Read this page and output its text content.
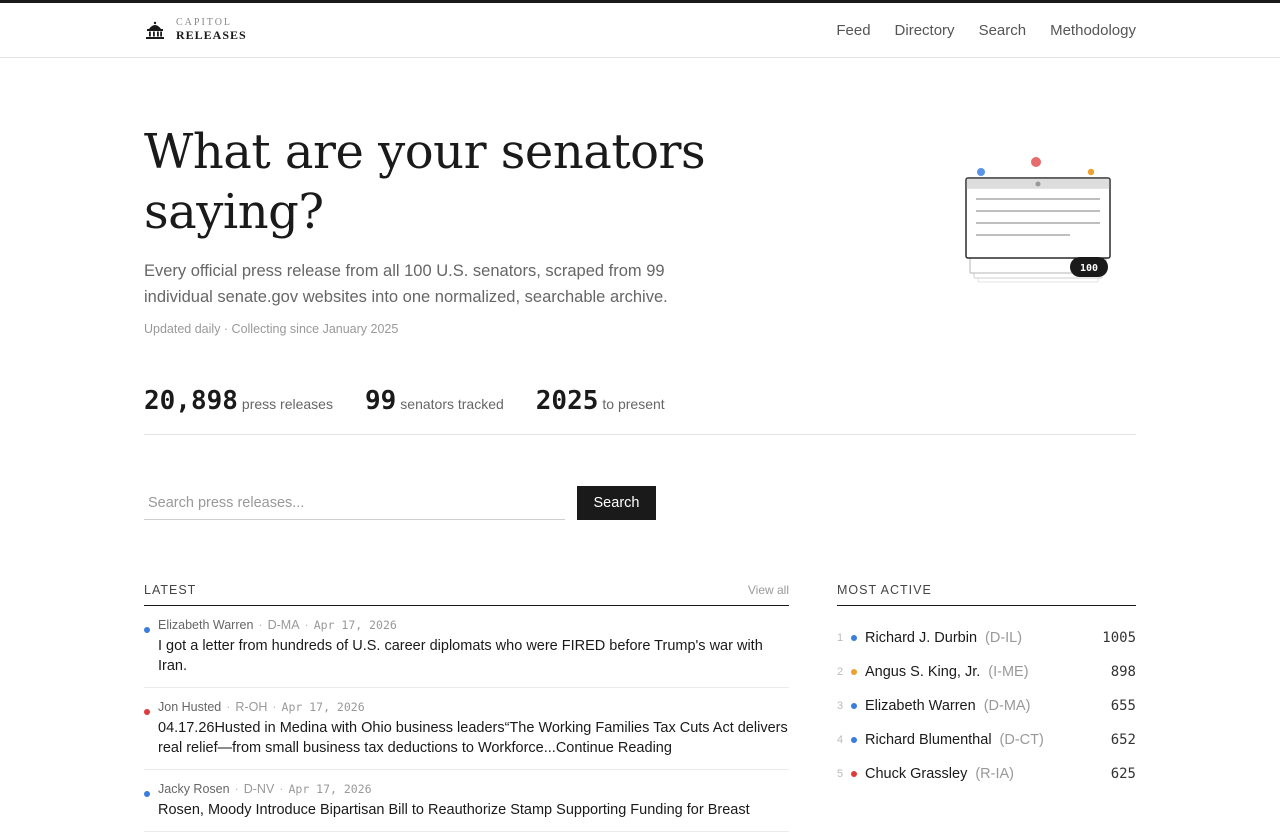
CAPITOL
RELEASES	Feed Directory Search Methodology
What are your senators saying?

Every official press release from all 100 U.S. senators, scraped from 99 individual senate.gov websites into one normalized, searchable archive.

Updated daily · Collecting since January 2025

100
20,898 press releases 99 senators tracked 2025 to present
Search press releases...
Search
LATEST	View all
Elizabeth Warren · D-MA · Apr 17, 2026
I got a letter from hundreds of U.S. career diplomats who were FIRED before Trump's war with Iran.
Jon Husted · R-OH · Apr 17, 2026
04.17.26Husted in Medina with Ohio business leaders“The Working Families Tax Cuts Act delivers real relief—from small business tax deductions to Workforce...Continue Reading
Jacky Rosen · D-NV · Apr 17, 2026
Rosen, Moody Introduce Bipartisan Bill to Reauthorize Stamp Supporting Funding for Breast
MOST ACTIVE
1	Richard J. Durbin (D-IL)	1005
2	Angus S. King, Jr. (I-ME)	898
3	Elizabeth Warren (D-MA)	655
4	Richard Blumenthal (D-CT)	652
5	Chuck Grassley (R-IA)	625
